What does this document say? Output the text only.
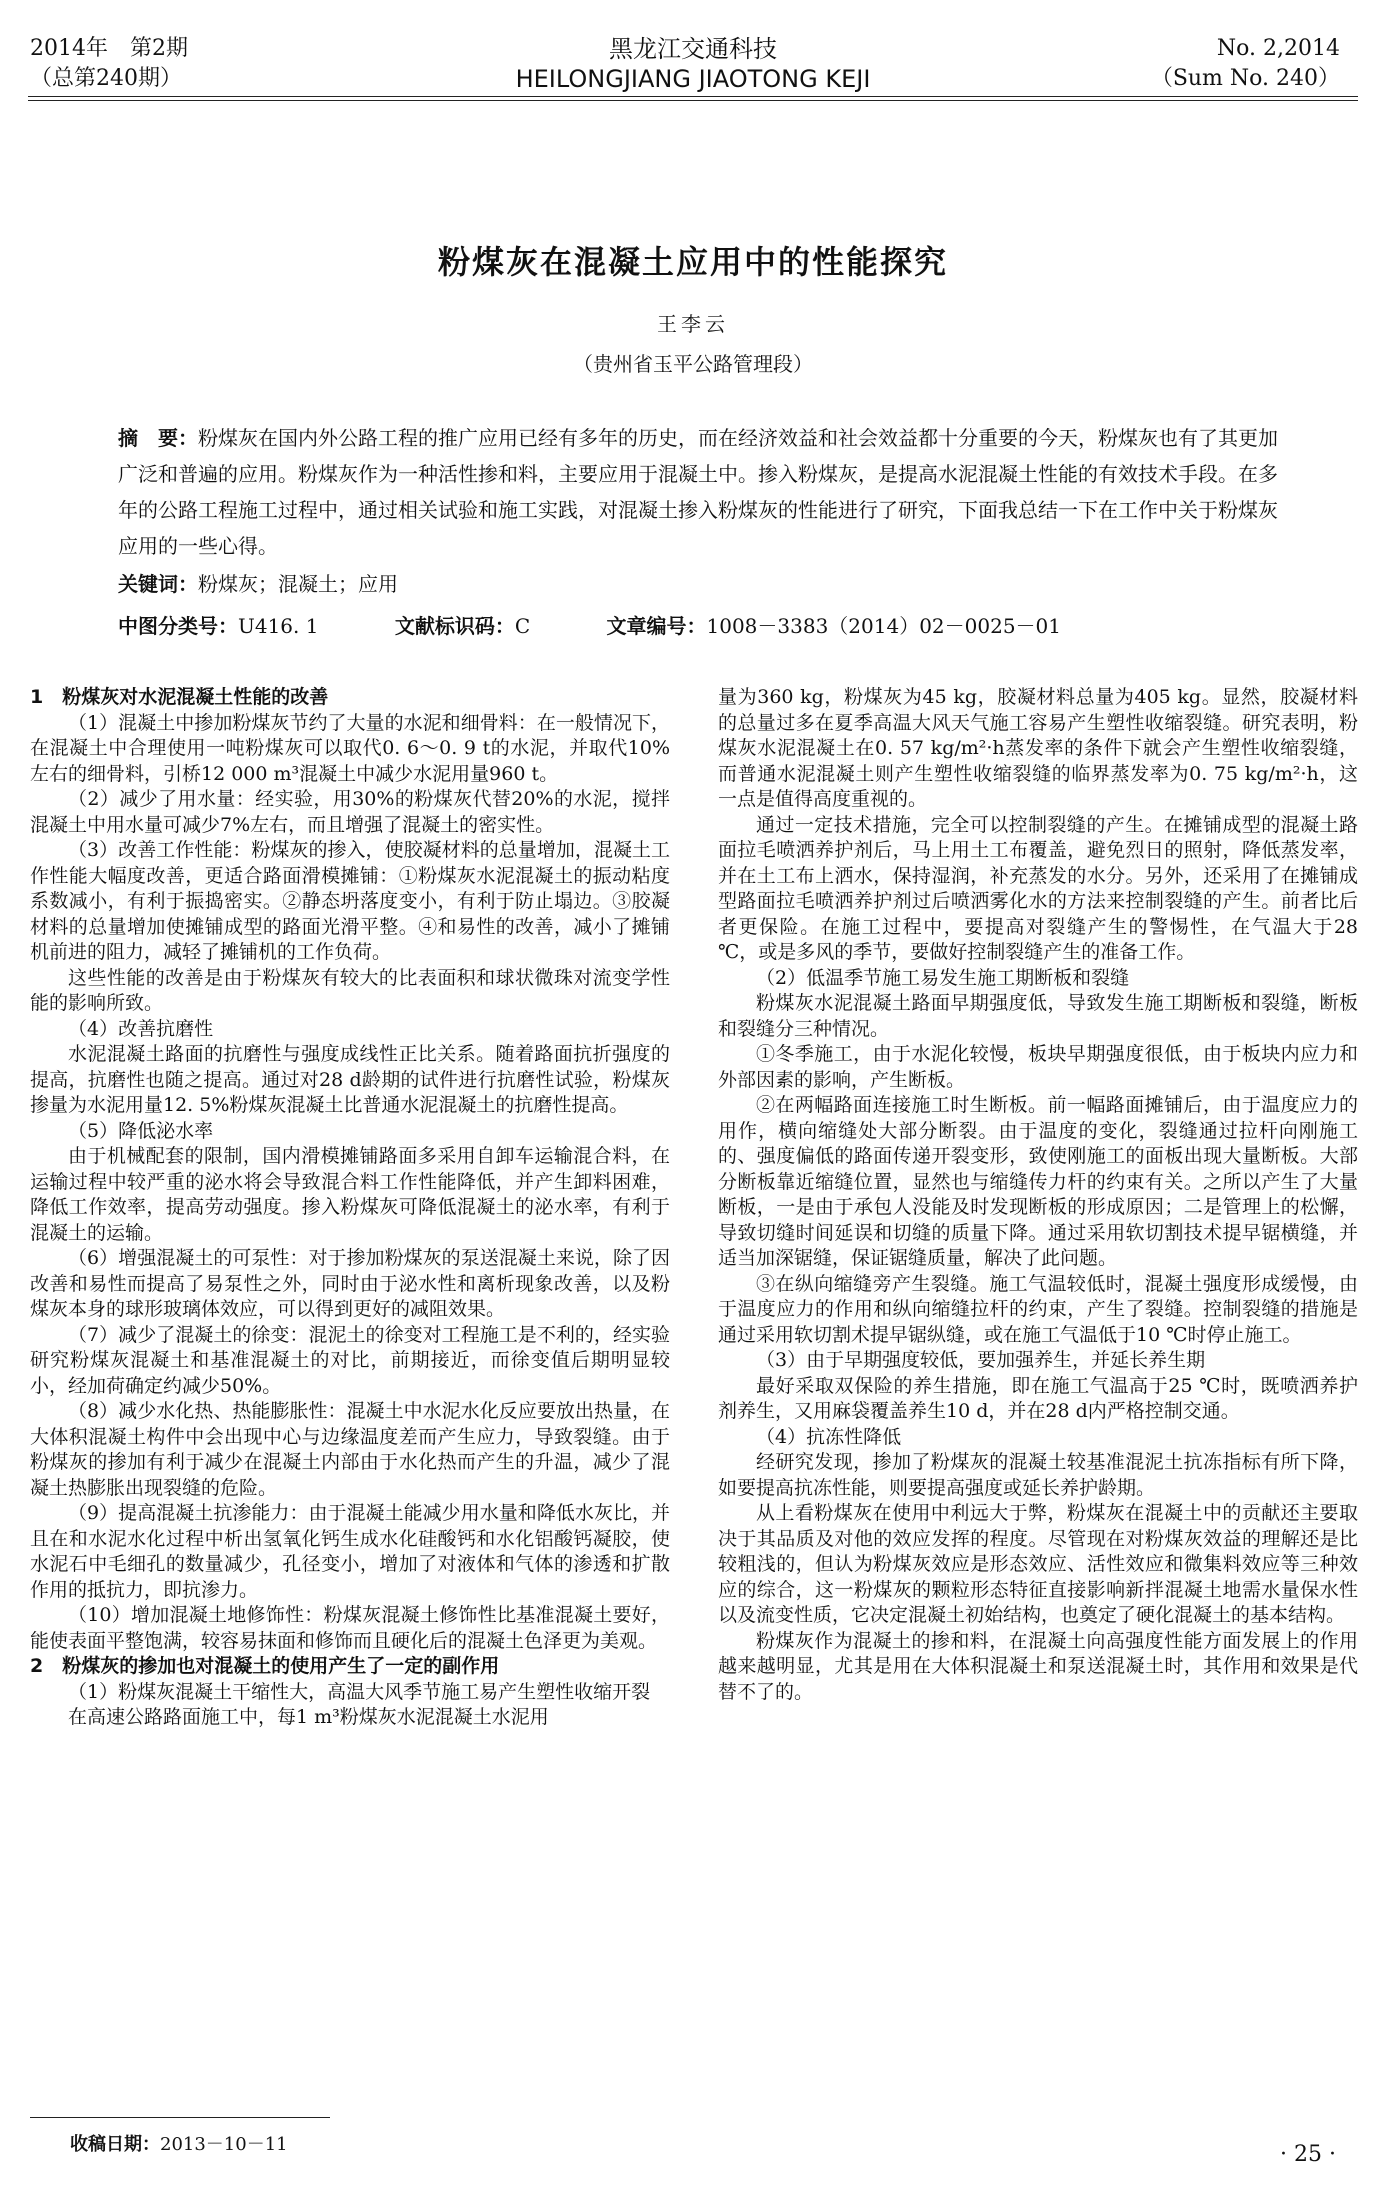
2014年　第2期
（总第240期）
黑龙江交通科技
HEILONGJIANG JIAOTONG KEJI
No. 2,2014
（Sum No. 240）
粉煤灰在混凝土应用中的性能探究
王李云
（贵州省玉平公路管理段）
摘　要：粉煤灰在国内外公路工程的推广应用已经有多年的历史，而在经济效益和社会效益都十分重要的今天，粉煤灰也有了其更加广泛和普遍的应用。粉煤灰作为一种活性掺和料，主要应用于混凝土中。掺入粉煤灰，是提高水泥混凝土性能的有效技术手段。在多年的公路工程施工过程中，通过相关试验和施工实践，对混凝土掺入粉煤灰的性能进行了研究，下面我总结一下在工作中关于粉煤灰应用的一些心得。
关键词：粉煤灰；混凝土；应用
中图分类号：U416. 1	文献标识码：C	文章编号：1008－3383（2014）02－0025－01

1　粉煤灰对水泥混凝土性能的改善

（1）混凝土中掺加粉煤灰节约了大量的水泥和细骨料：在一般情况下，在混凝土中合理使用一吨粉煤灰可以取代0. 6～0. 9 t的水泥，并取代10%左右的细骨料，引桥12 000 m³混凝土中减少水泥用量960 t。

（2）减少了用水量：经实验，用30%的粉煤灰代替20%的水泥，搅拌混凝土中用水量可减少7%左右，而且增强了混凝土的密实性。

（3）改善工作性能：粉煤灰的掺入，使胶凝材料的总量增加，混凝土工作性能大幅度改善，更适合路面滑模摊铺：①粉煤灰水泥混凝土的振动粘度系数减小，有利于振捣密实。②静态坍落度变小，有利于防止塌边。③胶凝材料的总量增加使摊铺成型的路面光滑平整。④和易性的改善，减小了摊铺机前进的阻力，减轻了摊铺机的工作负荷。

这些性能的改善是由于粉煤灰有较大的比表面积和球状微珠对流变学性能的影响所致。

（4）改善抗磨性

水泥混凝土路面的抗磨性与强度成线性正比关系。随着路面抗折强度的提高，抗磨性也随之提高。通过对28 d龄期的试件进行抗磨性试验，粉煤灰掺量为水泥用量12. 5%粉煤灰混凝土比普通水泥混凝土的抗磨性提高。

（5）降低泌水率

由于机械配套的限制，国内滑模摊铺路面多采用自卸车运输混合料，在运输过程中较严重的泌水将会导致混合料工作性能降低，并产生卸料困难，降低工作效率，提高劳动强度。掺入粉煤灰可降低混凝土的泌水率，有利于混凝土的运输。

（6）增强混凝土的可泵性：对于掺加粉煤灰的泵送混凝土来说，除了因改善和易性而提高了易泵性之外，同时由于泌水性和离析现象改善，以及粉煤灰本身的球形玻璃体效应，可以得到更好的减阻效果。

（7）减少了混凝土的徐变：混泥土的徐变对工程施工是不利的，经实验研究粉煤灰混凝土和基准混凝土的对比，前期接近，而徐变值后期明显较小，经加荷确定约减少50%。

（8）减少水化热、热能膨胀性：混凝土中水泥水化反应要放出热量，在大体积混凝土构件中会出现中心与边缘温度差而产生应力，导致裂缝。由于粉煤灰的掺加有利于减少在混凝土内部由于水化热而产生的升温，减少了混凝土热膨胀出现裂缝的危险。

（9）提高混凝土抗渗能力：由于混凝土能减少用水量和降低水灰比，并且在和水泥水化过程中析出氢氧化钙生成水化硅酸钙和水化铝酸钙凝胶，使水泥石中毛细孔的数量减少，孔径变小，增加了对液体和气体的渗透和扩散作用的抵抗力，即抗渗力。

（10）增加混凝土地修饰性：粉煤灰混凝土修饰性比基准混凝土要好，能使表面平整饱满，较容易抹面和修饰而且硬化后的混凝土色泽更为美观。

2　粉煤灰的掺加也对混凝土的使用产生了一定的副作用

（1）粉煤灰混凝土干缩性大，高温大风季节施工易产生塑性收缩开裂

在高速公路路面施工中，每1 m³粉煤灰水泥混凝土水泥用

量为360 kg，粉煤灰为45 kg，胶凝材料总量为405 kg。显然，胶凝材料的总量过多在夏季高温大风天气施工容易产生塑性收缩裂缝。研究表明，粉煤灰水泥混凝土在0. 57 kg/m²·h蒸发率的条件下就会产生塑性收缩裂缝，而普通水泥混凝土则产生塑性收缩裂缝的临界蒸发率为0. 75 kg/m²·h，这一点是值得高度重视的。

通过一定技术措施，完全可以控制裂缝的产生。在摊铺成型的混凝土路面拉毛喷洒养护剂后，马上用土工布覆盖，避免烈日的照射，降低蒸发率，并在土工布上洒水，保持湿润，补充蒸发的水分。另外，还采用了在摊铺成型路面拉毛喷洒养护剂过后喷洒雾化水的方法来控制裂缝的产生。前者比后者更保险。在施工过程中，要提高对裂缝产生的警惕性，在气温大于28 ℃，或是多风的季节，要做好控制裂缝产生的准备工作。

（2）低温季节施工易发生施工期断板和裂缝

粉煤灰水泥混凝土路面早期强度低，导致发生施工期断板和裂缝，断板和裂缝分三种情况。

①冬季施工，由于水泥化较慢，板块早期强度很低，由于板块内应力和外部因素的影响，产生断板。

②在两幅路面连接施工时生断板。前一幅路面摊铺后，由于温度应力的用作，横向缩缝处大部分断裂。由于温度的变化，裂缝通过拉杆向刚施工的、强度偏低的路面传递开裂变形，致使刚施工的面板出现大量断板。大部分断板靠近缩缝位置，显然也与缩缝传力杆的约束有关。之所以产生了大量断板，一是由于承包人没能及时发现断板的形成原因；二是管理上的松懈，导致切缝时间延误和切缝的质量下降。通过采用软切割技术提早锯横缝，并适当加深锯缝，保证锯缝质量，解决了此问题。

③在纵向缩缝旁产生裂缝。施工气温较低时，混凝土强度形成缓慢，由于温度应力的作用和纵向缩缝拉杆的约束，产生了裂缝。控制裂缝的措施是通过采用软切割术提早锯纵缝，或在施工气温低于10 ℃时停止施工。

（3）由于早期强度较低，要加强养生，并延长养生期

最好采取双保险的养生措施，即在施工气温高于25 ℃时，既喷洒养护剂养生，又用麻袋覆盖养生10 d，并在28 d内严格控制交通。

（4）抗冻性降低

经研究发现，掺加了粉煤灰的混凝土较基准混泥土抗冻指标有所下降，如要提高抗冻性能，则要提高强度或延长养护龄期。

从上看粉煤灰在使用中利远大于弊，粉煤灰在混凝土中的贡献还主要取决于其品质及对他的效应发挥的程度。尽管现在对粉煤灰效益的理解还是比较粗浅的，但认为粉煤灰效应是形态效应、活性效应和微集料效应等三种效应的综合，这一粉煤灰的颗粒形态特征直接影响新拌混凝土地需水量保水性以及流变性质，它决定混凝土初始结构，也奠定了硬化混凝土的基本结构。

粉煤灰作为混凝土的掺和料，在混凝土向高强度性能方面发展上的作用越来越明显，尤其是用在大体积混凝土和泵送混凝土时，其作用和效果是代替不了的。

收稿日期：2013－10－11	· 25 ·
